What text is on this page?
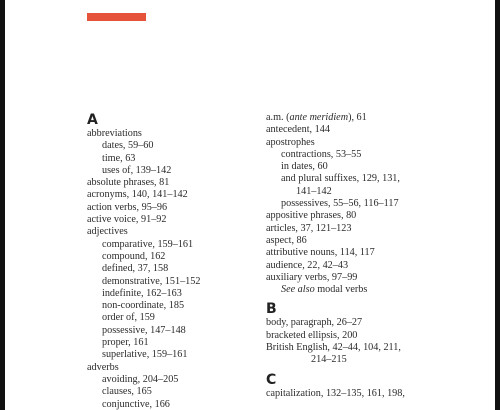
A
abbreviations
dates, 59–60
time, 63
uses of, 139–142
absolute phrases, 81
acronyms, 140, 141–142
action verbs, 95–96
active voice, 91–92
adjectives
comparative, 159–161
compound, 162
defined, 37, 158
demonstrative, 151–152
indefinite, 162–163
non-coordinate, 185
order of, 159
possessive, 147–148
proper, 161
superlative, 159–161
adverbs
avoiding, 204–205
clauses, 165
conjunctive, 166
a.m. (ante meridiem), 61
antecedent, 144
apostrophes
contractions, 53–55
in dates, 60
and plural suffixes, 129, 131,
141–142
possessives, 55–56, 116–117
appositive phrases, 80
articles, 37, 121–123
aspect, 86
attributive nouns, 114, 117
audience, 22, 42–43
auxiliary verbs, 97–99
See also modal verbs
B
body, paragraph, 26–27
bracketed ellipsis, 200
British English, 42–44, 104, 211,
214–215
C
capitalization, 132–135, 161, 198,
